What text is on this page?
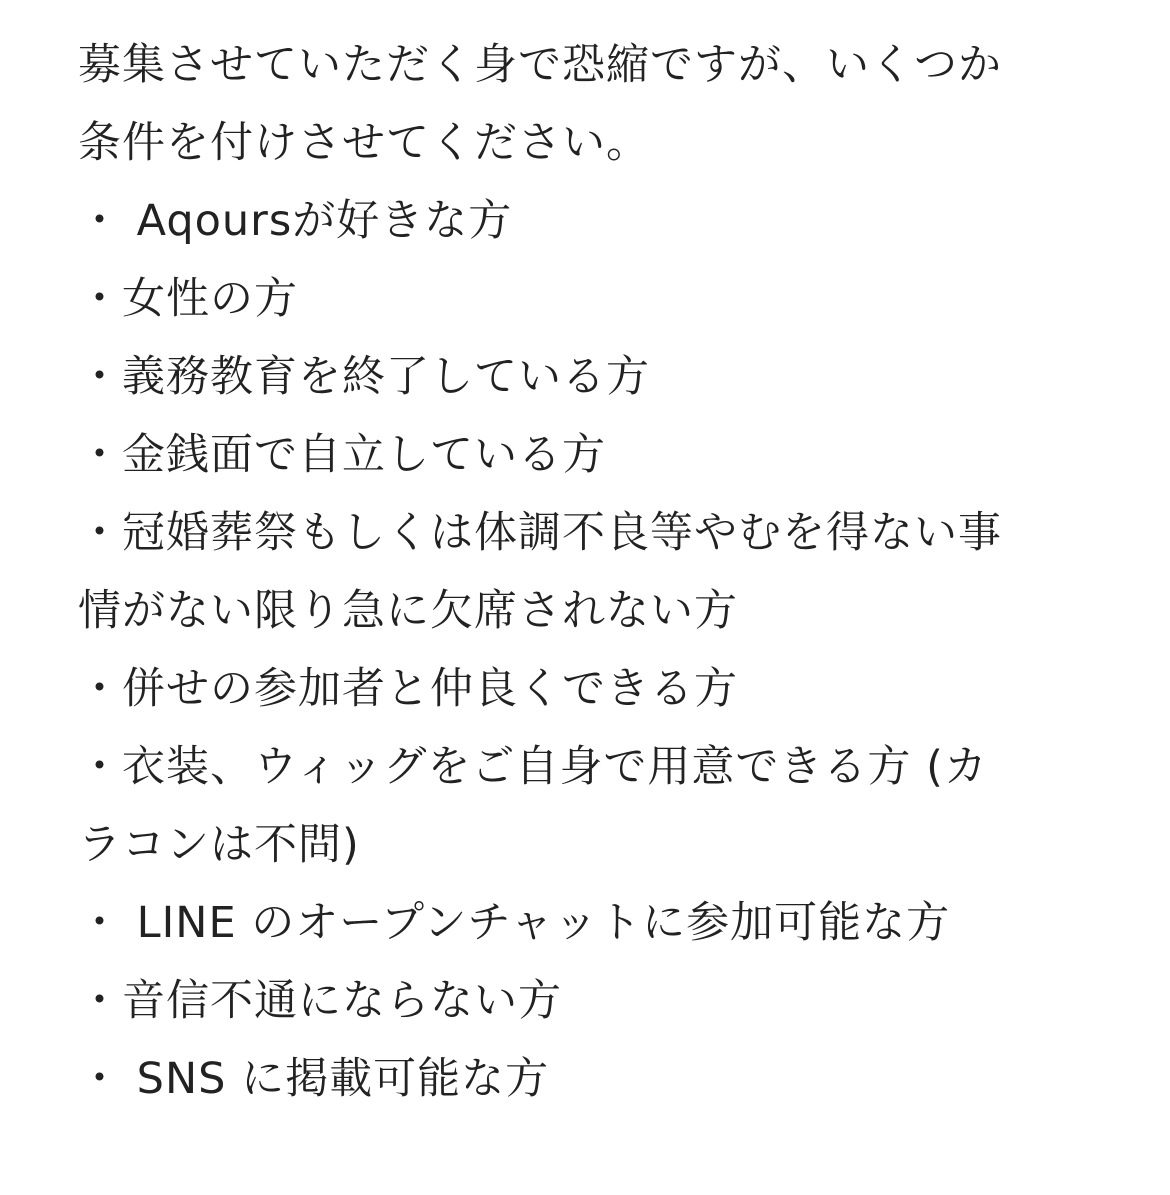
募集させていただく身で恐縮ですが、いくつか
条件を付けさせてください。
・ Aqoursが好きな方
・女性の方
・義務教育を終了している方
・金銭面で自立している方
・冠婚葬祭もしくは体調不良等やむを得ない事
情がない限り急に欠席されない方
・併せの参加者と仲良くできる方
・衣装、ウィッグをご自身で用意できる方 (カ
ラコンは不問)
・ LINE のオープンチャットに参加可能な方
・音信不通にならない方
・ SNS に掲載可能な方
